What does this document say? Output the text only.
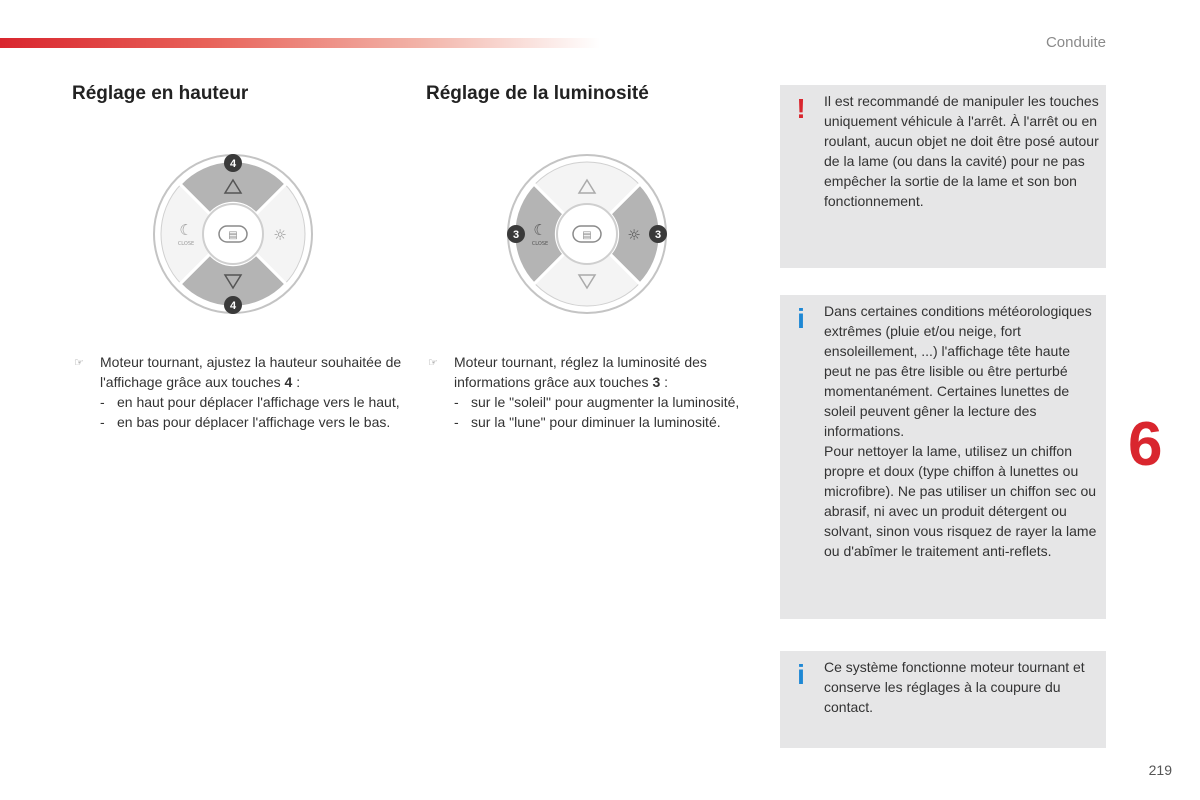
Conduite
Réglage en hauteur
▤
☾
CLOSE	☼
4
4
☞	Moteur tournant, ajustez la hauteur souhaitée de l'affichage grâce aux touches 4 :
- en haut pour déplacer l'affichage vers le haut,
- en bas pour déplacer l'affichage vers le bas.
Réglage de la luminosité
▤
☾
CLOSE	☼
3	3
☞	Moteur tournant, réglez la luminosité des informations grâce aux touches 3 :
- sur le "soleil" pour augmenter la luminosité,
- sur la "lune" pour diminuer la luminosité.
! Il est recommandé de manipuler les touches uniquement véhicule à l'arrêt. À l'arrêt ou en roulant, aucun objet ne doit être posé autour de la lame (ou dans la cavité) pour ne pas empêcher la sortie de la lame et son bon fonctionnement.
i Dans certaines conditions météorologiques extrêmes (pluie et/ou neige, fort ensoleillement, ...) l'affichage tête haute peut ne pas être lisible ou être perturbé momentanément. Certaines lunettes de soleil peuvent gêner la lecture des informations.
Pour nettoyer la lame, utilisez un chiffon propre et doux (type chiffon à lunettes ou microfibre). Ne pas utiliser un chiffon sec ou abrasif, ni avec un produit détergent ou solvant, sinon vous risquez de rayer la lame ou d'abîmer le traitement anti-reflets.
i Ce système fonctionne moteur tournant et conserve les réglages à la coupure du contact.
6
219
